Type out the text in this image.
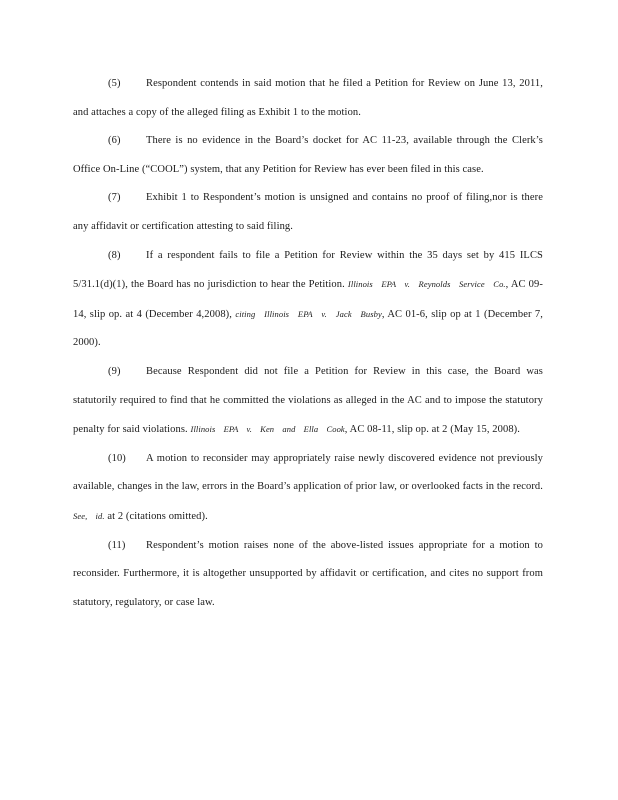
(5) Respondent contends in said motion that he filed a Petition for Review on June 13, 2011, and attaches a copy of the alleged filing as Exhibit 1 to the motion.

(6) There is no evidence in the Board’s docket for AC 11-23, available through the Clerk’s Office On-Line (“COOL”) system, that any Petition for Review has ever been filed in this case.

(7) Exhibit 1 to Respondent’s motion is unsigned and contains no proof of filing,nor is there any affidavit or certification attesting to said filing.

(8) If a respondent fails to file a Petition for Review within the 35 days set by 415 ILCS 5/31.1(d)(1), the Board has no jurisdiction to hear the Petition. Illinois EPA v. Reynolds Service Co., AC 09-14, slip op. at 4 (December 4,2008), citing Illinois EPA v. Jack Busby, AC 01-6, slip op at 1 (December 7, 2000).

(9) Because Respondent did not file a Petition for Review in this case, the Board was statutorily required to find that he committed the violations as alleged in the AC and to impose the statutory penalty for said violations. Illinois EPA v. Ken and Ella Cook, AC 08-11, slip op. at 2 (May 15, 2008).

(10) A motion to reconsider may appropriately raise newly discovered evidence not previously available, changes in the law, errors in the Board’s application of prior law, or overlooked facts in the record. See, id. at 2 (citations omitted).

(11) Respondent’s motion raises none of the above-listed issues appropriate for a motion to reconsider. Furthermore, it is altogether unsupported by affidavit or certification, and cites no support from statutory, regulatory, or case law.
